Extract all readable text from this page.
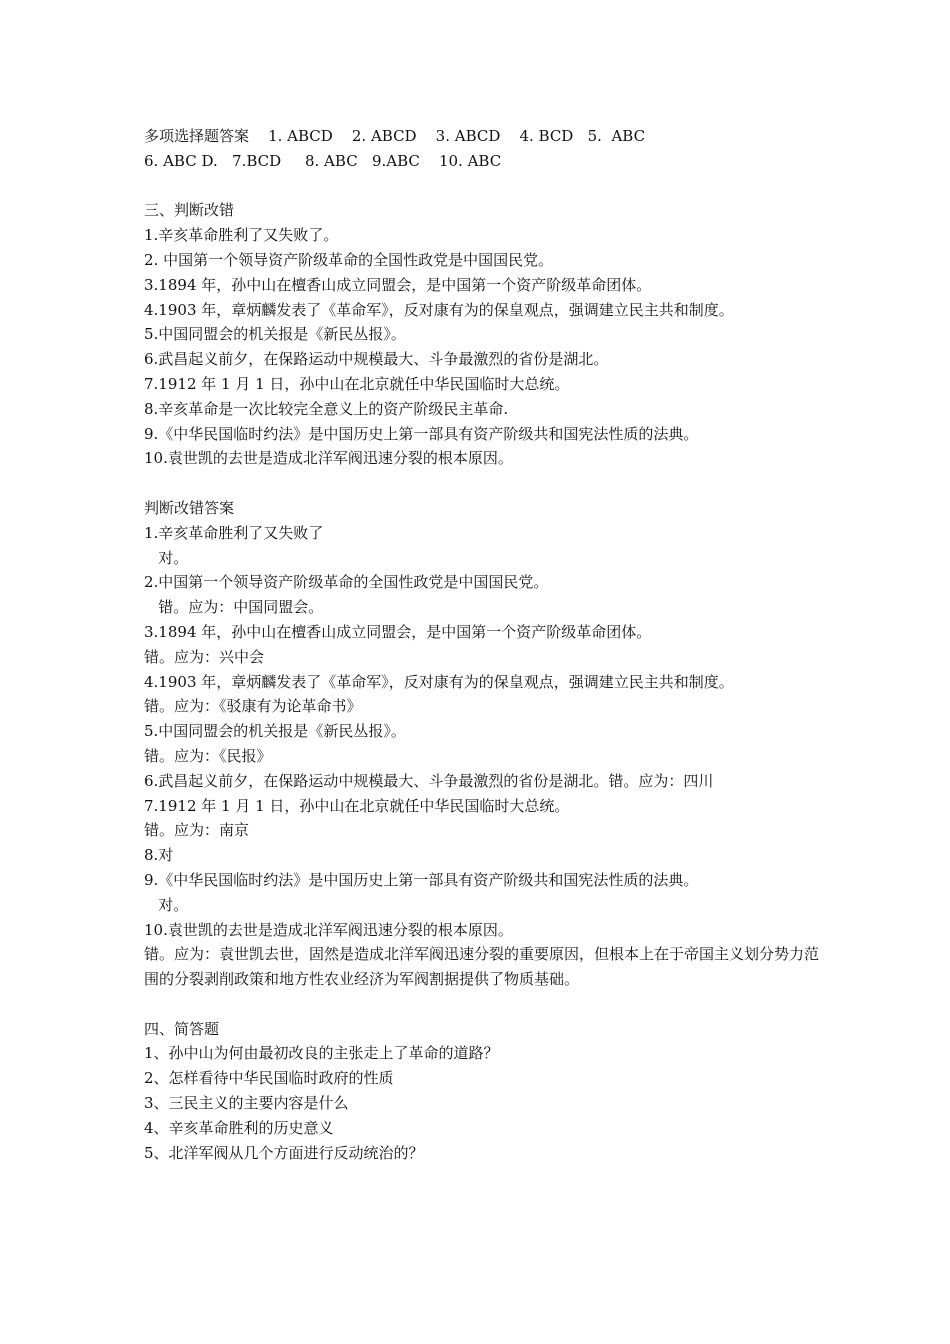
多项选择题答案    1. ABCD    2. ABCD    3. ABCD    4. BCD   5.  ABC
6. ABC D.   7.BCD     8. ABC   9.ABC    10. ABC
三、判断改错
1.辛亥革命胜利了又失败了。
2. 中国第一个领导资产阶级革命的全国性政党是中国国民党。
3.1894 年，孙中山在檀香山成立同盟会，是中国第一个资产阶级革命团体。
4.1903 年，章炳麟发表了《革命军》，反对康有为的保皇观点，强调建立民主共和制度。
5.中国同盟会的机关报是《新民丛报》。
6.武昌起义前夕，在保路运动中规模最大、斗争最激烈的省份是湖北。
7.1912 年 1 月 1 日，孙中山在北京就任中华民国临时大总统。
8.辛亥革命是一次比较完全意义上的资产阶级民主革命.
9.《中华民国临时约法》是中国历史上第一部具有资产阶级共和国宪法性质的法典。
10.袁世凯的去世是造成北洋军阀迅速分裂的根本原因。
判断改错答案
1.辛亥革命胜利了又失败了
对。
2.中国第一个领导资产阶级革命的全国性政党是中国国民党。
错。应为：中国同盟会。
3.1894 年，孙中山在檀香山成立同盟会，是中国第一个资产阶级革命团体。
错。应为：兴中会
4.1903 年，章炳麟发表了《革命军》，反对康有为的保皇观点，强调建立民主共和制度。
错。应为：《驳康有为论革命书》
5.中国同盟会的机关报是《新民丛报》。
错。应为：《民报》
6.武昌起义前夕，在保路运动中规模最大、斗争最激烈的省份是湖北。错。应为：四川
7.1912 年 1 月 1 日，孙中山在北京就任中华民国临时大总统。
错。应为：南京
8.对
9.《中华民国临时约法》是中国历史上第一部具有资产阶级共和国宪法性质的法典。
对。
10.袁世凯的去世是造成北洋军阀迅速分裂的根本原因。
错。应为：袁世凯去世，固然是造成北洋军阀迅速分裂的重要原因，但根本上在于帝国主义划分势力范围的分裂剥削政策和地方性农业经济为军阀割据提供了物质基础。
四、简答题
1、孙中山为何由最初改良的主张走上了革命的道路？
2、怎样看待中华民国临时政府的性质
3、三民主义的主要内容是什么
4、辛亥革命胜利的历史意义
5、北洋军阀从几个方面进行反动统治的？
